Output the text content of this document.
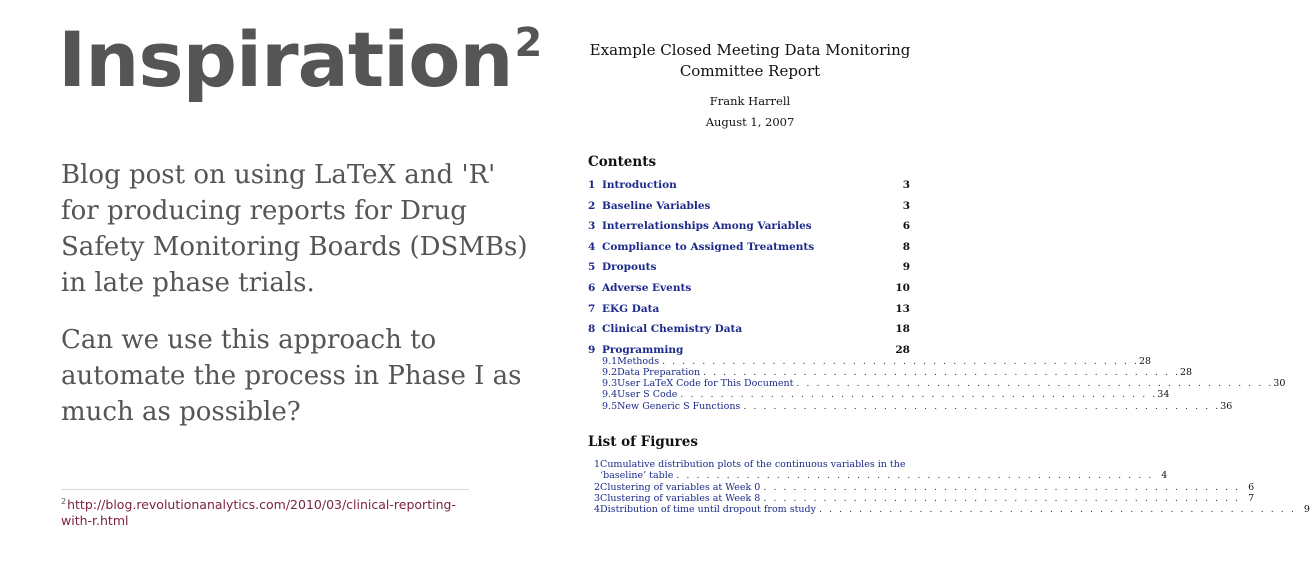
Inspiration$^2$
Blog post on using LaTeX and 'R' for producing reports for Drug Safety Monitoring Boards (DSMBs) in late phase trials.
Can we use this approach to automate the process in Phase I as much as possible?
$^2$http://blog.revolutionanalytics.com/2010/03/clinical-reporting-with-r.html
Example Closed Meeting Data Monitoring
Committee Report
Frank Harrell
August 1, 2007
Contents
1 Introduction	3
2 Baseline Variables	3
3 Interrelationships Among Variables	6
4 Compliance to Assigned Treatments	8
5 Dropouts	9
6 Adverse Events	10
7 EKG Data	13
8 Clinical Chemistry Data	18
9 Programming	28
9.1 Methods . . . . . . . . . . . . . . . . . . . . . . . . . . . . . . . . . . . . . . . . . . . . . . . . 28
9.2 Data Preparation . . . . . . . . . . . . . . . . . . . . . . . . . . . . . . . . . . . . . . . . . . . . . . . . 28
9.3 User LaTeX Code for This Document . . . . . . . . . . . . . . . . . . . . . . . . . . . . . . . . . . . . . . . . . . . . . . . . 30
9.4 User S Code . . . . . . . . . . . . . . . . . . . . . . . . . . . . . . . . . . . . . . . . . . . . . . . . 34
9.5 New Generic S Functions . . . . . . . . . . . . . . . . . . . . . . . . . . . . . . . . . . . . . . . . . . . . . . . . 36
List of Figures
1 Cumulative distribution plots of the continuous variables in the
‘baseline’ table . . . . . . . . . . . . . . . . . . . . . . . . . . . . . . . . . . . . . . . . . . . . . . . . 4
2 Clustering of variables at Week 0 . . . . . . . . . . . . . . . . . . . . . . . . . . . . . . . . . . . . . . . . . . . . . . . . 6
3 Clustering of variables at Week 8 . . . . . . . . . . . . . . . . . . . . . . . . . . . . . . . . . . . . . . . . . . . . . . . . 7
4 Distribution of time until dropout from study . . . . . . . . . . . . . . . . . . . . . . . . . . . . . . . . . . . . . . . . . . . . . . . . 9
